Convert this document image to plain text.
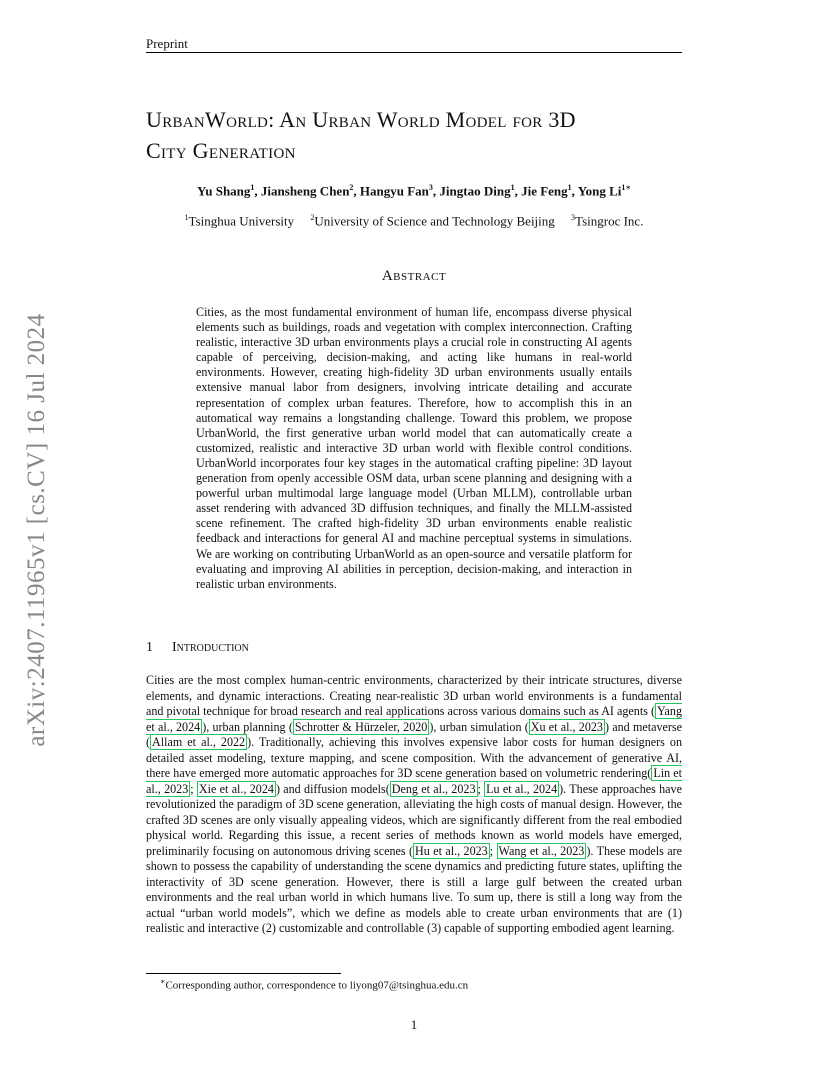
Preprint
arXiv:2407.11965v1 [cs.CV] 16 Jul 2024
UrbanWorld: An Urban World Model for 3D
City Generation
Yu Shang$^1$, Jiansheng Chen$^2$, Hangyu Fan$^3$, Jingtao Ding$^1$, Jie Feng$^1$, Yong $Li^{1∗}$
$^1$Tsinghua University $^2$University of Science and Technology Beijing $^3$Tsingroc Inc.
Abstract
Cities, as the most fundamental environment of human life, encompass diverse physical elements such as buildings, roads and vegetation with complex interconnection. Crafting realistic, interactive 3D urban environments plays a crucial role in constructing AI agents capable of perceiving, decision-making, and acting like humans in real-world environments. However, creating high-fidelity 3D urban environments usually entails extensive manual labor from designers, involving intricate detailing and accurate representation of complex urban features. Therefore, how to accomplish this in an automatical way remains a longstanding challenge. Toward this problem, we propose UrbanWorld, the first generative urban world model that can automatically create a customized, realistic and interactive 3D urban world with flexible control conditions. UrbanWorld incorporates four key stages in the automatical crafting pipeline: 3D layout generation from openly accessible OSM data, urban scene planning and designing with a powerful urban multimodal large language model (Urban MLLM), controllable urban asset rendering with advanced 3D diffusion techniques, and finally the MLLM-assisted scene refinement. The crafted high-fidelity 3D urban environments enable realistic feedback and interactions for general AI and machine perceptual systems in simulations. We are working on contributing UrbanWorld as an open-source and versatile platform for evaluating and improving AI abilities in perception, decision-making, and interaction in realistic urban environments.
1 Introduction
Cities are the most complex human-centric environments, characterized by their intricate structures, diverse elements, and dynamic interactions. Creating near-realistic 3D urban world environments is a fundamental and pivotal technique for broad research and real applications across various domains such as AI agents ( Yang et al., 2024 ), urban planning ( Schrotter & Hürzeler, 2020 ), urban simulation ( Xu et al., 2023 ) and metaverse ( Allam et al., 2022 ). Traditionally, achieving this involves expensive labor costs for human designers on detailed asset modeling, texture mapping, and scene composition. With the advancement of generative AI, there have emerged more automatic approaches for 3D scene generation based on volumetric rendering( Lin et al., 2023 ; Xie et al., 2024 ) and diffusion models( Deng et al., 2023 ; Lu et al., 2024 ). These approaches have revolutionized the paradigm of 3D scene generation, alleviating the high costs of manual design. However, the crafted 3D scenes are only visually appealing videos, which are significantly different from the real embodied physical world. Regarding this issue, a recent series of methods known as world models have emerged, preliminarily focusing on autonomous driving scenes ( Hu et al., 2023 ; Wang et al., 2023 ). These models are shown to possess the capability of understanding the scene dynamics and predicting future states, uplifting the interactivity of 3D scene generation. However, there is still a large gulf between the created urban environments and the real urban world in which humans live. To sum up, there is still a long way from the actual “urban world models”, which we define as models able to create urban environments that are (1) realistic and interactive (2) customizable and controllable (3) capable of supporting embodied agent learning.
∗Corresponding author, correspondence to liyong07@tsinghua.edu.cn
1
